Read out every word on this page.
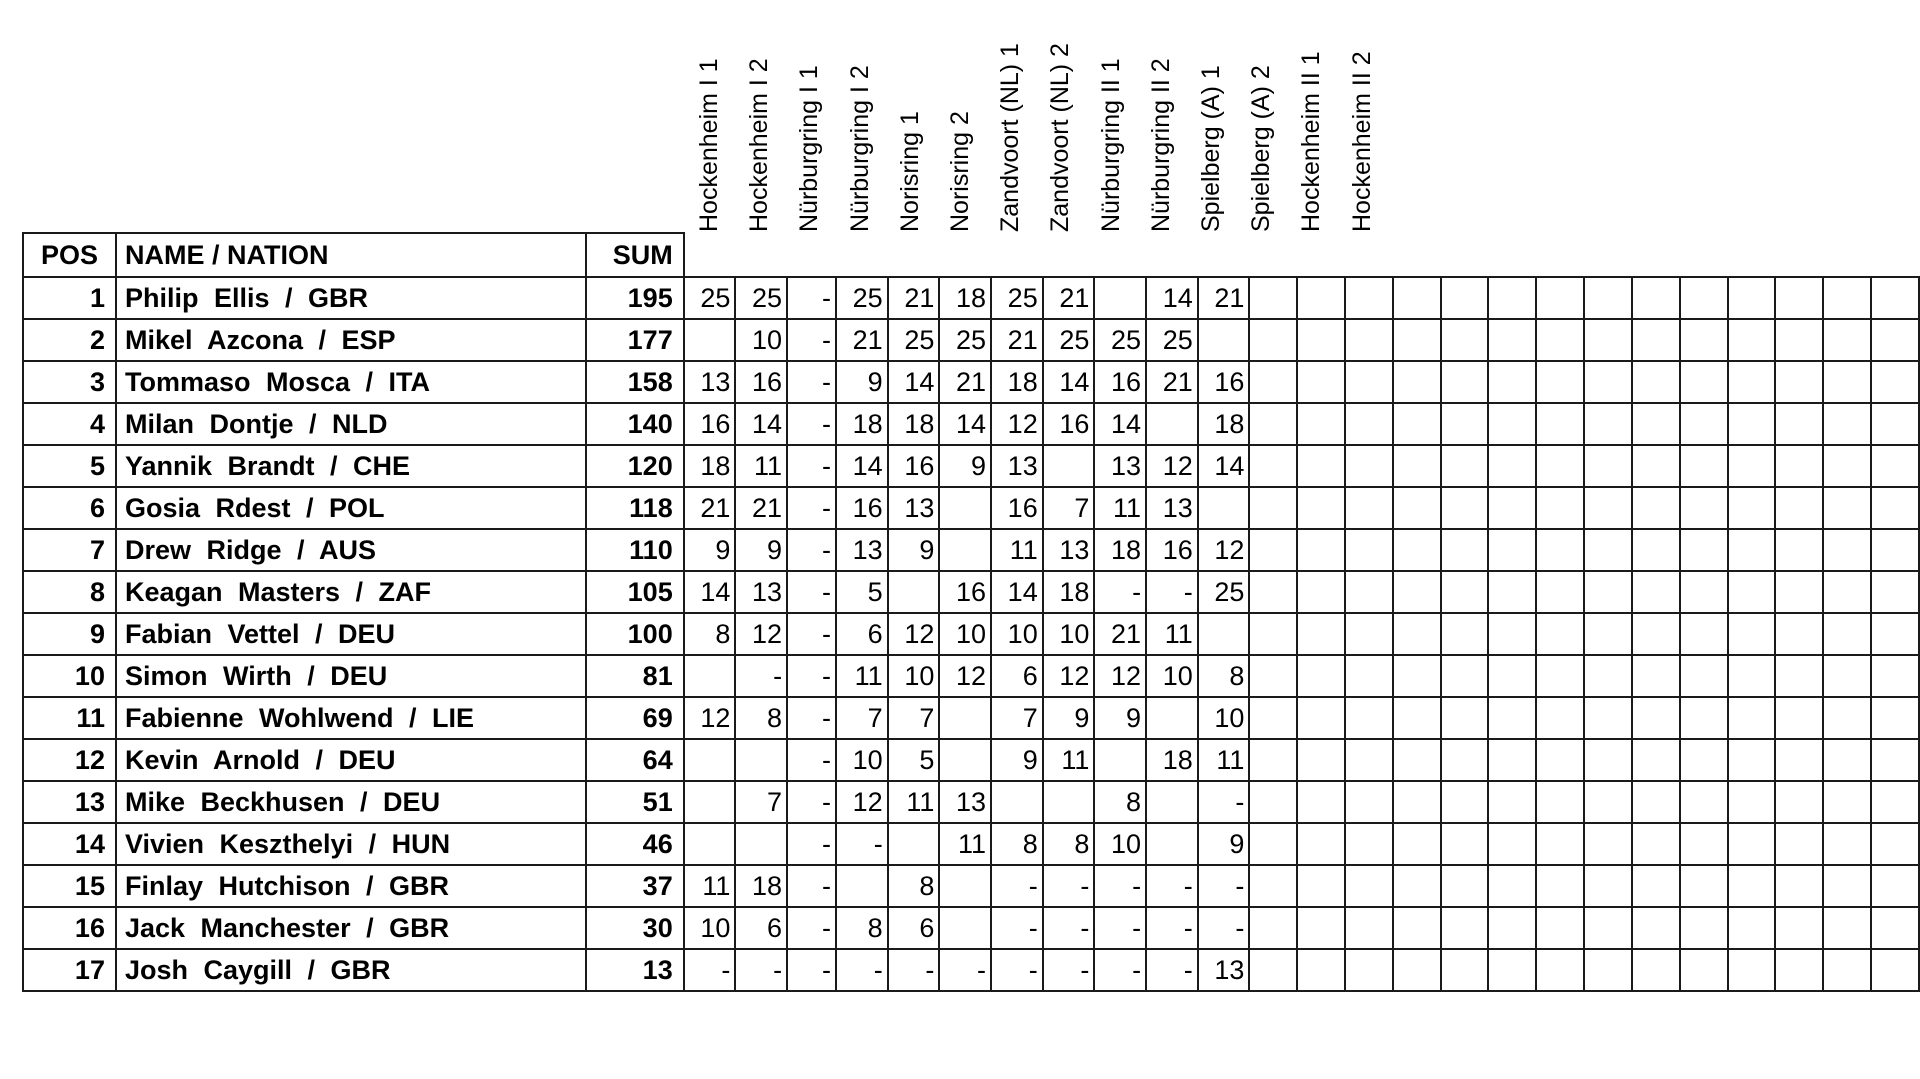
Hockenheim I 1 Hockenheim I 2 Nürburgring I 1 Nürburgring I 2 Norisring 1 Norisring 2 Zandvoort (NL) 1 Zandvoort (NL) 2 Nürburgring II 1 Nürburgring II 2 Spielberg (A) 1 Spielberg (A) 2 Hockenheim II 1 Hockenheim II 2
POS	NAME / NATION	SUM																									
1	Philip Ellis / GBR	195	25	25	-	25	21	18	25	21		14	21														
2	Mikel Azcona / ESP	177		10	-	21	25	25	21	25	25	25															
3	Tommaso Mosca / ITA	158	13	16	-	9	14	21	18	14	16	21	16														
4	Milan Dontje / NLD	140	16	14	-	18	18	14	12	16	14		18														
5	Yannik Brandt / CHE	120	18	11	-	14	16	9	13		13	12	14														
6	Gosia Rdest / POL	118	21	21	-	16	13		16	7	11	13															
7	Drew Ridge / AUS	110	9	9	-	13	9		11	13	18	16	12														
8	Keagan Masters / ZAF	105	14	13	-	5		16	14	18	-	-	25														
9	Fabian Vettel / DEU	100	8	12	-	6	12	10	10	10	21	11															
10	Simon Wirth / DEU	81		-	-	11	10	12	6	12	12	10	8														
11	Fabienne Wohlwend / LIE	69	12	8	-	7	7		7	9	9		10														
12	Kevin Arnold / DEU	64			-	10	5		9	11		18	11														
13	Mike Beckhusen / DEU	51		7	-	12	11	13			8		-														
14	Vivien Keszthelyi / HUN	46			-	-		11	8	8	10		9														
15	Finlay Hutchison / GBR	37	11	18	-		8		-	-	-	-	-														
16	Jack Manchester / GBR	30	10	6	-	8	6		-	-	-	-	-														
17	Josh Caygill / GBR	13	-	-	-	-	-	-	-	-	-	-	13														
